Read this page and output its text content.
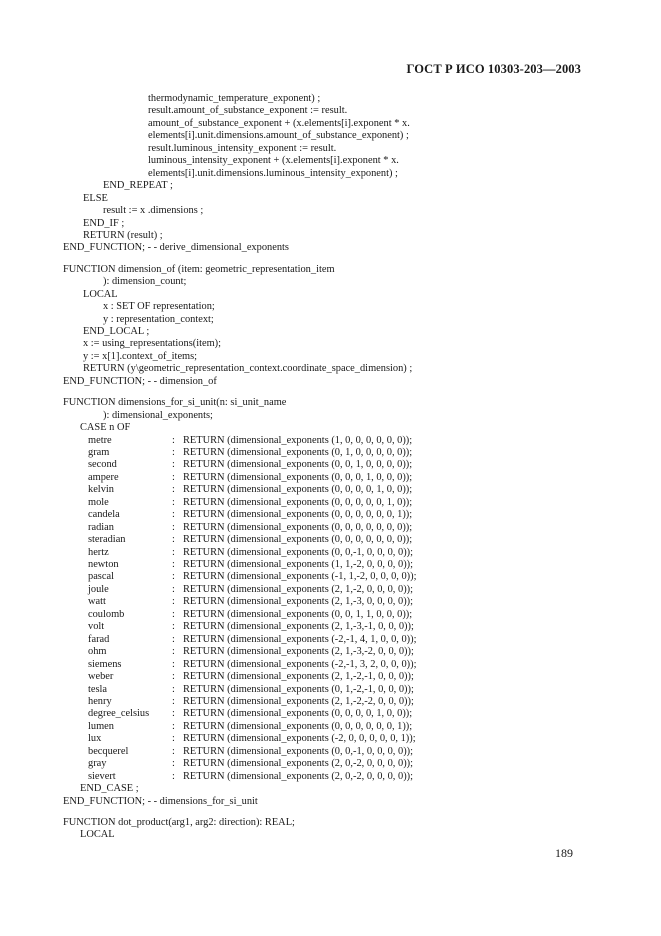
ГОСТ Р ИСО 10303-203—2003
thermodynamic_temperature_exponent) ;
result.amount_of_substance_exponent := result.
amount_of_substance_exponent + (x.elements[i].exponent * x.
elements[i].unit.dimensions.amount_of_substance_exponent) ;
result.luminous_intensity_exponent := result.
luminous_intensity_exponent + (x.elements[i].exponent * x.
elements[i].unit.dimensions.luminous_intensity_exponent) ;
END_REPEAT ;
ELSE
result := x .dimensions ;
END_IF ;
RETURN (result) ;
END_FUNCTION; - - derive_dimensional_exponents
FUNCTION dimension_of (item: geometric_representation_item
): dimension_count;
LOCAL
x : SET OF representation;
y : representation_context;
END_LOCAL ;
x := using_representations(item);
y := x[1].context_of_items;
RETURN (y\geometric_representation_context.coordinate_space_dimension) ;
END_FUNCTION; - - dimension_of
FUNCTION dimensions_for_si_unit(n: si_unit_name
): dimensional_exponents;
CASE n OF
metre	: RETURN (dimensional_exponents (1, 0, 0, 0, 0, 0, 0));
gram	: RETURN (dimensional_exponents (0, 1, 0, 0, 0, 0, 0));
second	: RETURN (dimensional_exponents (0, 0, 1, 0, 0, 0, 0));
ampere	: RETURN (dimensional_exponents (0, 0, 0, 1, 0, 0, 0));
kelvin	: RETURN (dimensional_exponents (0, 0, 0, 0, 1, 0, 0));
mole	: RETURN (dimensional_exponents (0, 0, 0, 0, 0, 1, 0));
candela	: RETURN (dimensional_exponents (0, 0, 0, 0, 0, 0, 1));
radian	: RETURN (dimensional_exponents (0, 0, 0, 0, 0, 0, 0));
steradian	: RETURN (dimensional_exponents (0, 0, 0, 0, 0, 0, 0));
hertz	: RETURN (dimensional_exponents (0, 0,-1, 0, 0, 0, 0));
newton	: RETURN (dimensional_exponents (1, 1,-2, 0, 0, 0, 0));
pascal	: RETURN (dimensional_exponents (-1, 1,-2, 0, 0, 0, 0));
joule	: RETURN (dimensional_exponents (2, 1,-2, 0, 0, 0, 0));
watt	: RETURN (dimensional_exponents (2, 1,-3, 0, 0, 0, 0));
coulomb	: RETURN (dimensional_exponents (0, 0, 1, 1, 0, 0, 0));
volt	: RETURN (dimensional_exponents (2, 1,-3,-1, 0, 0, 0));
farad	: RETURN (dimensional_exponents (-2,-1, 4, 1, 0, 0, 0));
ohm	: RETURN (dimensional_exponents (2, 1,-3,-2, 0, 0, 0));
siemens	: RETURN (dimensional_exponents (-2,-1, 3, 2, 0, 0, 0));
weber	: RETURN (dimensional_exponents (2, 1,-2,-1, 0, 0, 0));
tesla	: RETURN (dimensional_exponents (0, 1,-2,-1, 0, 0, 0));
henry	: RETURN (dimensional_exponents (2, 1,-2,-2, 0, 0, 0));
degree_celsius : RETURN (dimensional_exponents (0, 0, 0, 0, 1, 0, 0));
lumen	: RETURN (dimensional_exponents (0, 0, 0, 0, 0, 0, 1));
lux	: RETURN (dimensional_exponents (-2, 0, 0, 0, 0, 0, 1));
becquerel	: RETURN (dimensional_exponents (0, 0,-1, 0, 0, 0, 0));
gray	: RETURN (dimensional_exponents (2, 0,-2, 0, 0, 0, 0));
sievert	: RETURN (dimensional_exponents (2, 0,-2, 0, 0, 0, 0));
END_CASE ;
END_FUNCTION; - - dimensions_for_si_unit
FUNCTION dot_product(arg1, arg2: direction): REAL;
LOCAL
189
